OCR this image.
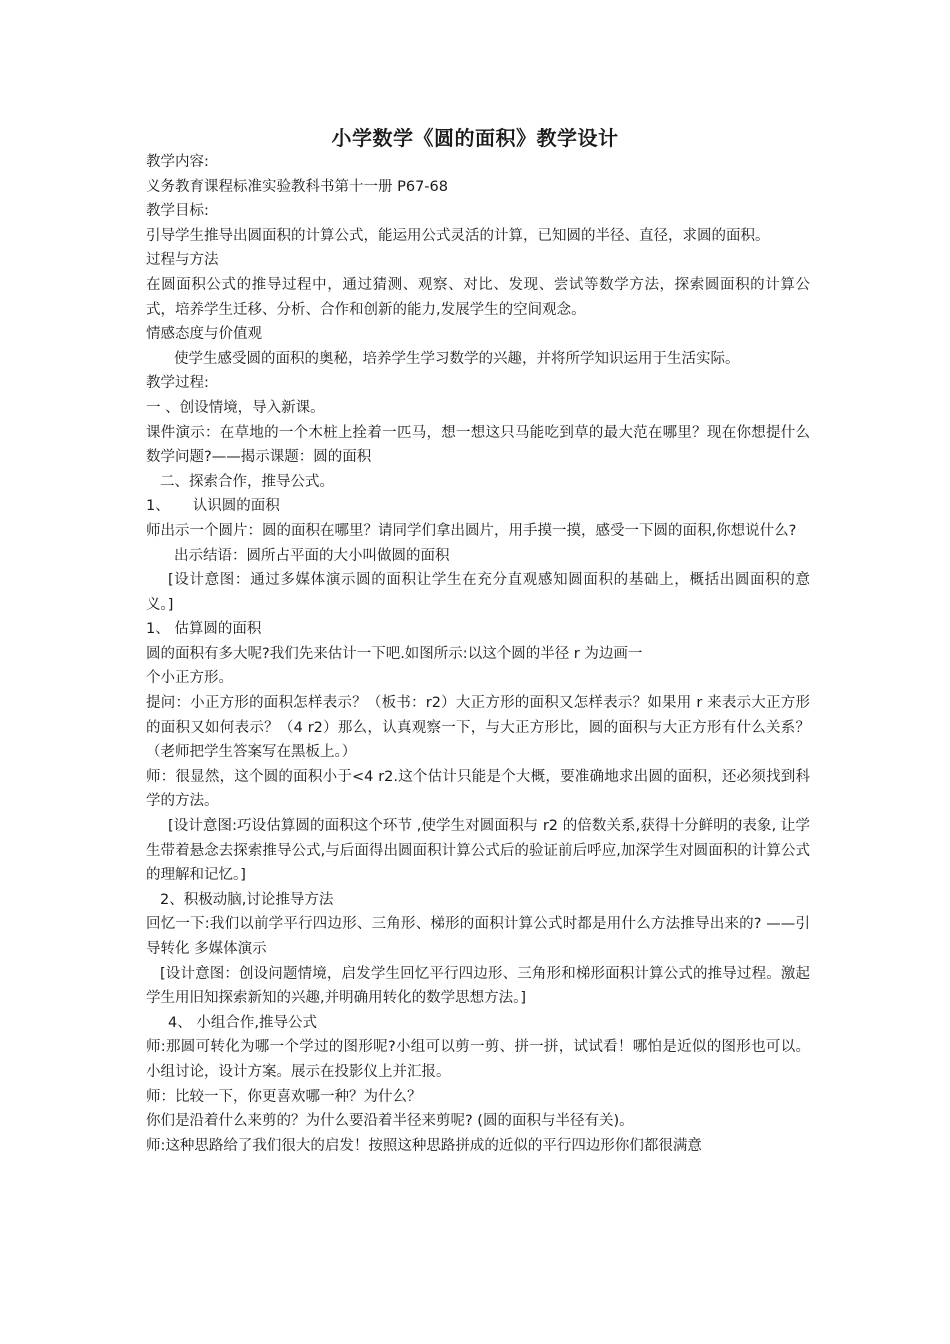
小学数学《圆的面积》教学设计

教学内容:

义务教育课程标准实验教科书第十一册 P67-68

教学目标:

引导学生推导出圆面积的计算公式，能运用公式灵活的计算，已知圆的半径、直径，求圆的面积。

过程与方法

在圆面积公式的推导过程中，通过猜测、观察、对比、发现、尝试等数学方法，探索圆面积的计算公式，培养学生迁移、分析、合作和创新的能力,发展学生的空间观念。

情感态度与价值观

使学生感受圆的面积的奥秘，培养学生学习数学的兴趣，并将所学知识运用于生活实际。

教学过程:

一 、创设情境，导入新课。

课件演示：在草地的一个木桩上拴着一匹马，想一想这只马能吃到草的最大范在哪里？现在你想提什么数学问题?——揭示课题：圆的面积

二、探索合作，推导公式。

1、     认识圆的面积

师出示一个圆片：圆的面积在哪里？请同学们拿出圆片，用手摸一摸，感受一下圆的面积,你想说什么?

出示结语：圆所占平面的大小叫做圆的面积

[设计意图：通过多媒体演示圆的面积让学生在充分直观感知圆面积的基础上，概括出圆面积的意义。]

1、 估算圆的面积

圆的面积有多大呢?我们先来估计一下吧.如图所示:以这个圆的半径 r 为边画一

个小正方形。

提问：小正方形的面积怎样表示？（板书：r2）大正方形的面积又怎样表示？如果用 r 来表示大正方形的面积又如何表示？（4 r2）那么，认真观察一下，与大正方形比，圆的面积与大正方形有什么关系？（老师把学生答案写在黑板上。）

师：很显然，这个圆的面积小于<4 r2.这个估计只能是个大概，要准确地求出圆的面积，还必须找到科学的方法。

[设计意图:巧设估算圆的面积这个环节 ,使学生对圆面积与 r2 的倍数关系,获得十分鲜明的表象, 让学生带着悬念去探索推导公式,与后面得出圆面积计算公式后的验证前后呼应,加深学生对圆面积的计算公式的理解和记忆。]

2、积极动脑,讨论推导方法

回忆一下:我们以前学平行四边形、三角形、梯形的面积计算公式时都是用什么方法推导出来的? ——引导转化 多媒体演示

[设计意图：创设问题情境，启发学生回忆平行四边形、三角形和梯形面积计算公式的推导过程。激起学生用旧知探索新知的兴趣,并明确用转化的数学思想方法。]

4、 小组合作,推导公式

师:那圆可转化为哪一个学过的图形呢?小组可以剪一剪、拼一拼，试试看！哪怕是近似的图形也可以。小组讨论，设计方案。展示在投影仪上并汇报。

师：比较一下，你更喜欢哪一种？为什么？

你们是沿着什么来剪的？为什么要沿着半径来剪呢? (圆的面积与半径有关)。

师:这种思路给了我们很大的启发！按照这种思路拼成的近似的平行四边形你们都很满意
